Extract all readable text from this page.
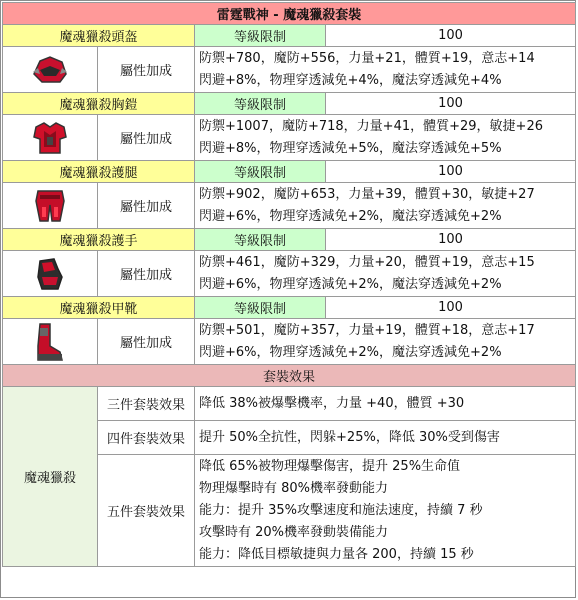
雷霆戰神 - 魔魂獵殺套裝			
魔魂獵殺頭盔		等級限制	100

	屬性加成	防禦+780，魔防+556，力量+21，體質+19，意志+14
閃避+8%，物理穿透減免+4%，魔法穿透減免+4%	

魔魂獵殺胸鎧		等級限制	100

	屬性加成	防禦+1007，魔防+718，力量+41，體質+29，敏捷+26
閃避+8%，物理穿透減免+5%，魔法穿透減免+5%	

魔魂獵殺護腿		等級限制	100

	屬性加成	防禦+902，魔防+653，力量+39，體質+30，敏捷+27
閃避+6%，物理穿透減免+2%，魔法穿透減免+2%	

魔魂獵殺護手		等級限制	100

	屬性加成	防禦+461，魔防+329，力量+20，體質+19，意志+15
閃避+6%，物理穿透減免+2%，魔法穿透減免+2%	

魔魂獵殺甲靴		等級限制	100

	屬性加成	防禦+501，魔防+357，力量+19，體質+18，意志+17
閃避+6%，物理穿透減免+2%，魔法穿透減免+2%	

套裝效果			
魔魂獵殺	三件套裝效果	降低 38%被爆擊機率，力量 +40，體質 +30	

	四件套裝效果	提升 50%全抗性，閃躲+25%，降低 30%受到傷害	

	五件套裝效果	降低 65%被物理爆擊傷害，提升 25%生命值
物理爆擊時有 80%機率發動能力
能力：提升 35%攻擊速度和施法速度，持續 7 秒
攻擊時有 20%機率發動裝備能力
能力：降低目標敏捷與力量各 200，持續 15 秒	
